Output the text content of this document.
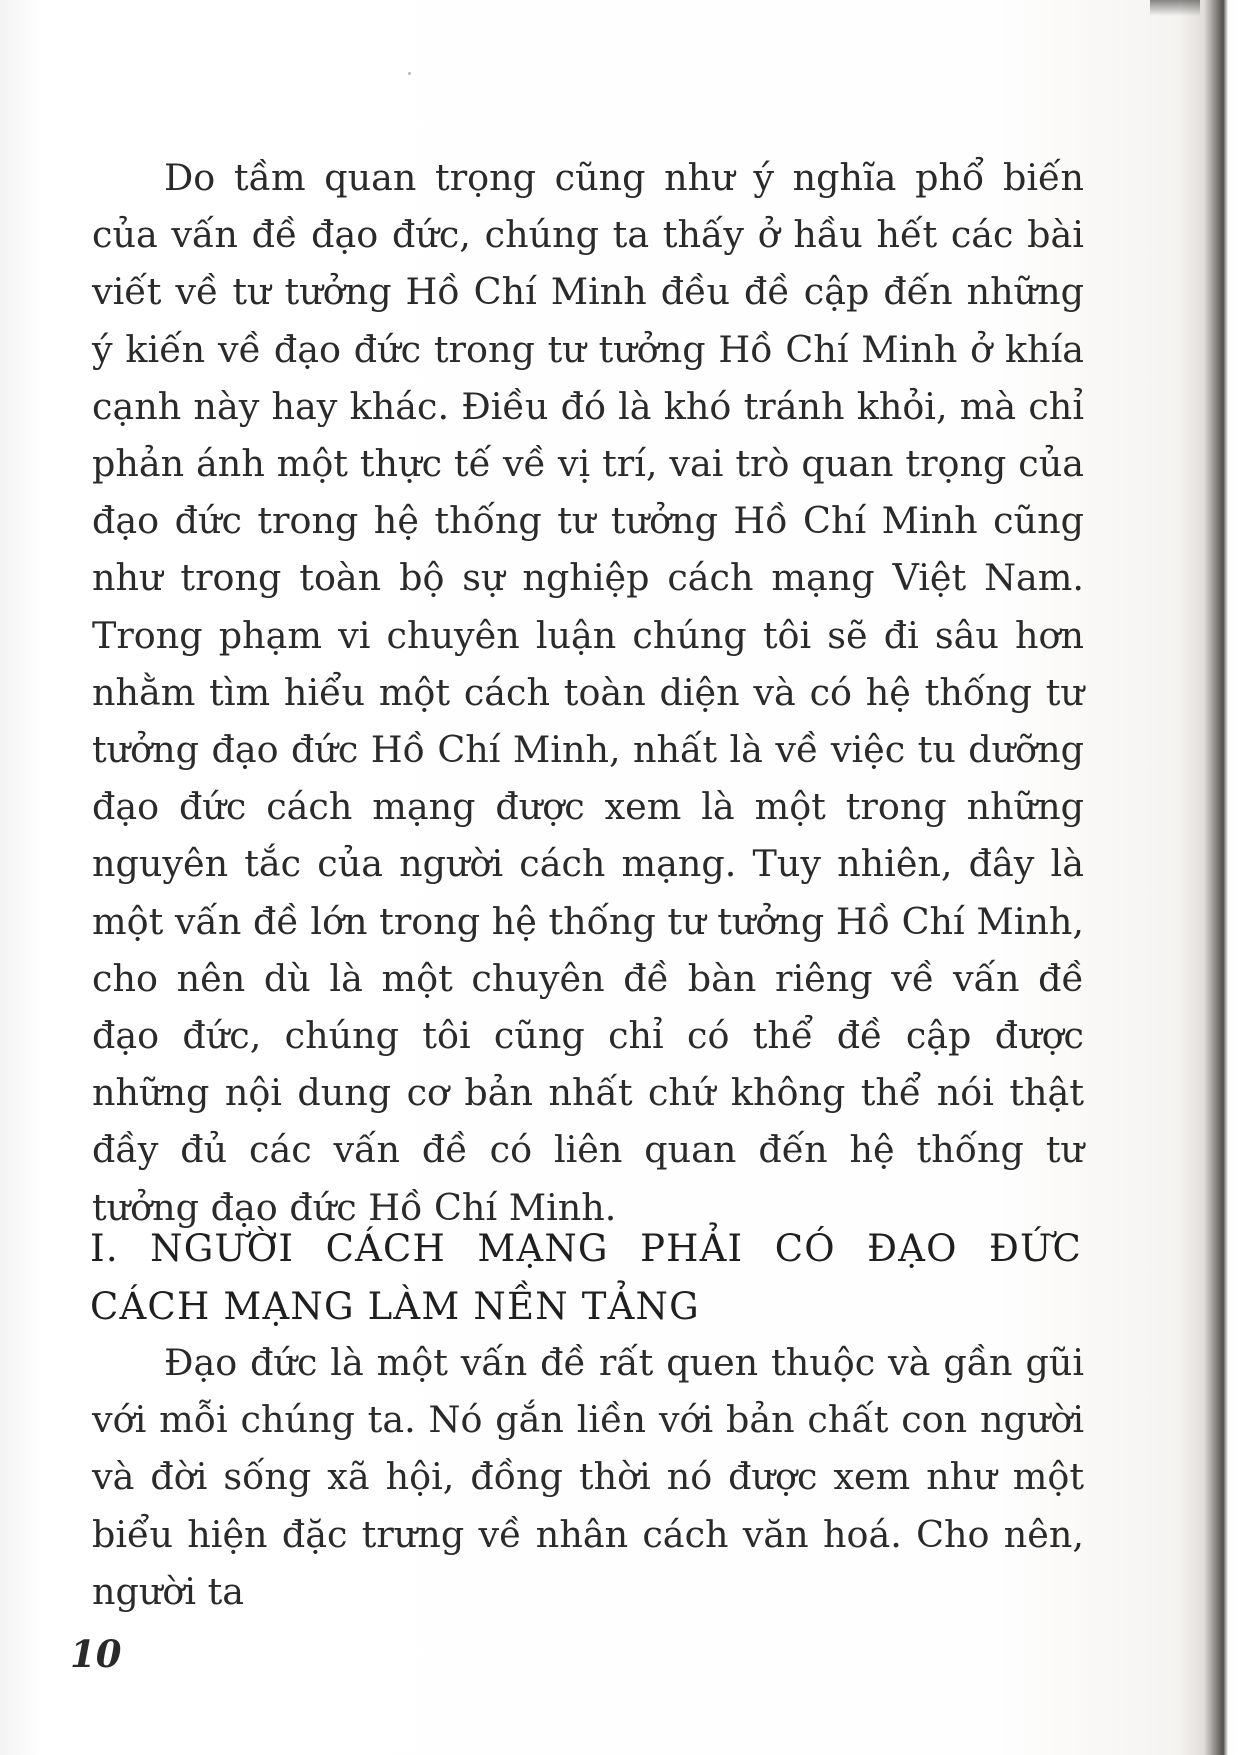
Do tầm quan trọng cũng như ý nghĩa phổ biến của vấn đề đạo đức, chúng ta thấy ở hầu hết các bài viết về tư tưởng Hồ Chí Minh đều đề cập đến những ý kiến về đạo đức trong tư tưởng Hồ Chí Minh ở khía cạnh này hay khác. Điều đó là khó tránh khỏi, mà chỉ phản ánh một thực tế về vị trí, vai trò quan trọng của đạo đức trong hệ thống tư tưởng Hồ Chí Minh cũng như trong toàn bộ sự nghiệp cách mạng Việt Nam. Trong phạm vi chuyên luận chúng tôi sẽ đi sâu hơn nhằm tìm hiểu một cách toàn diện và có hệ thống tư tưởng đạo đức Hồ Chí Minh, nhất là về việc tu dưỡng đạo đức cách mạng được xem là một trong những nguyên tắc của người cách mạng. Tuy nhiên, đây là một vấn đề lớn trong hệ thống tư tưởng Hồ Chí Minh, cho nên dù là một chuyên đề bàn riêng về vấn đề đạo đức, chúng tôi cũng chỉ có thể đề cập được những nội dung cơ bản nhất chứ không thể nói thật đầy đủ các vấn đề có liên quan đến hệ thống tư tưởng đạo đức Hồ Chí Minh.

I. NGƯỜI CÁCH MẠNG PHẢI CÓ ĐẠO ĐỨC CÁCH MẠNG LÀM NỀN TẢNG

Đạo đức là một vấn đề rất quen thuộc và gần gũi với mỗi chúng ta. Nó gắn liền với bản chất con người và đời sống xã hội, đồng thời nó được xem như một biểu hiện đặc trưng về nhân cách văn hoá. Cho nên, người ta

10
